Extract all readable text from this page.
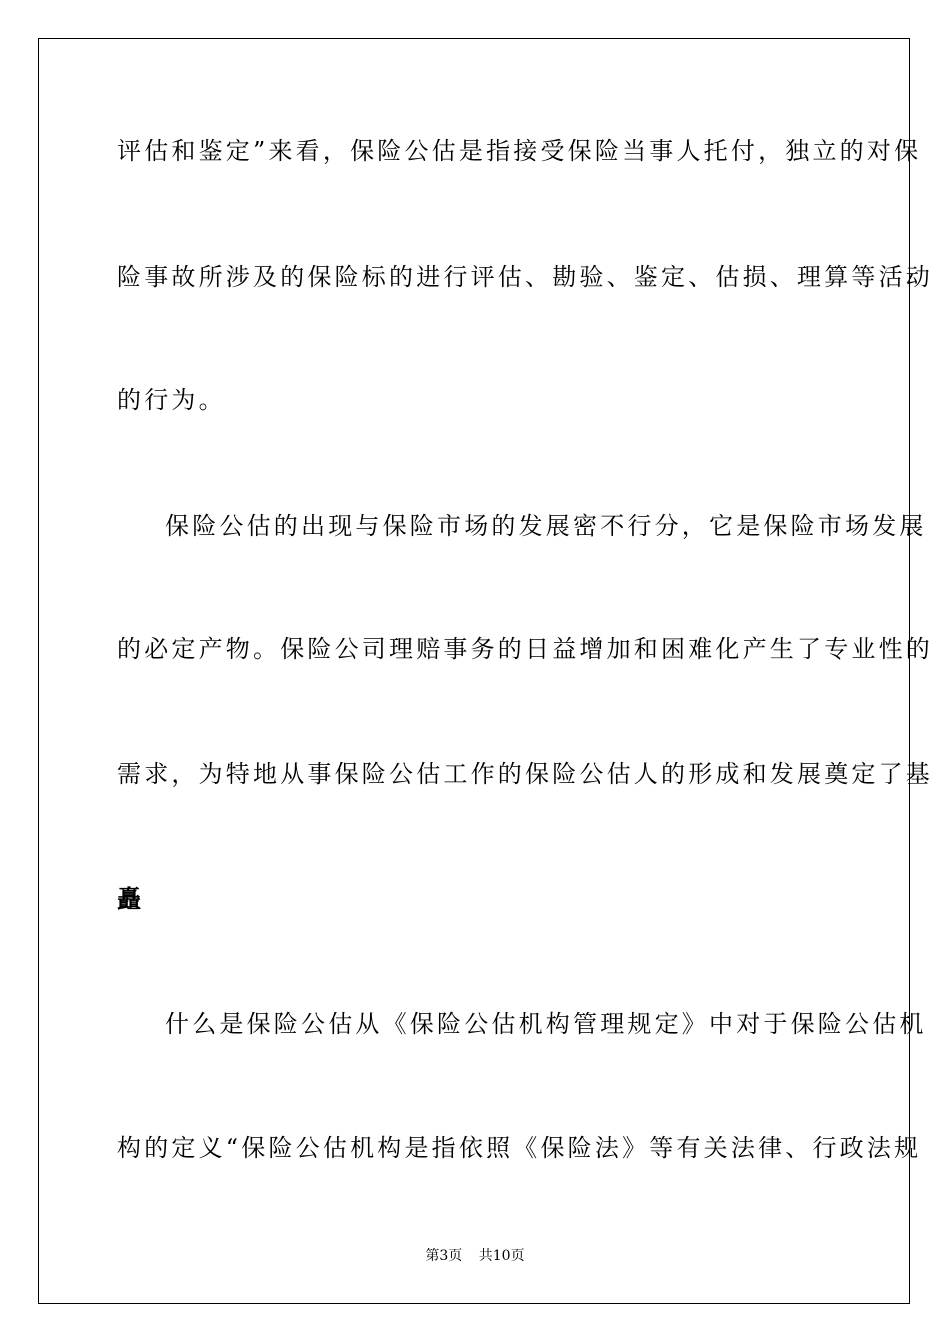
评估和鉴定”来看，保险公估是指接受保险当事人托付，独立的对保
险事故所涉及的保险标的进行评估、勘验、鉴定、估损、理算等活动
的行为。
保险公估的出现与保险市场的发展密不行分，它是保险市场发展
的必定产物。保险公司理赔事务的日益增加和困难化产生了专业性的
需求，为特地从事保险公估工作的保险公估人的形成和发展奠定了基
矗
什么是保险公估从《保险公估机构管理规定》中对于保险公估机
构的定义“保险公估机构是指依照《保险法》等有关法律、行政法规
第3页 共10页
